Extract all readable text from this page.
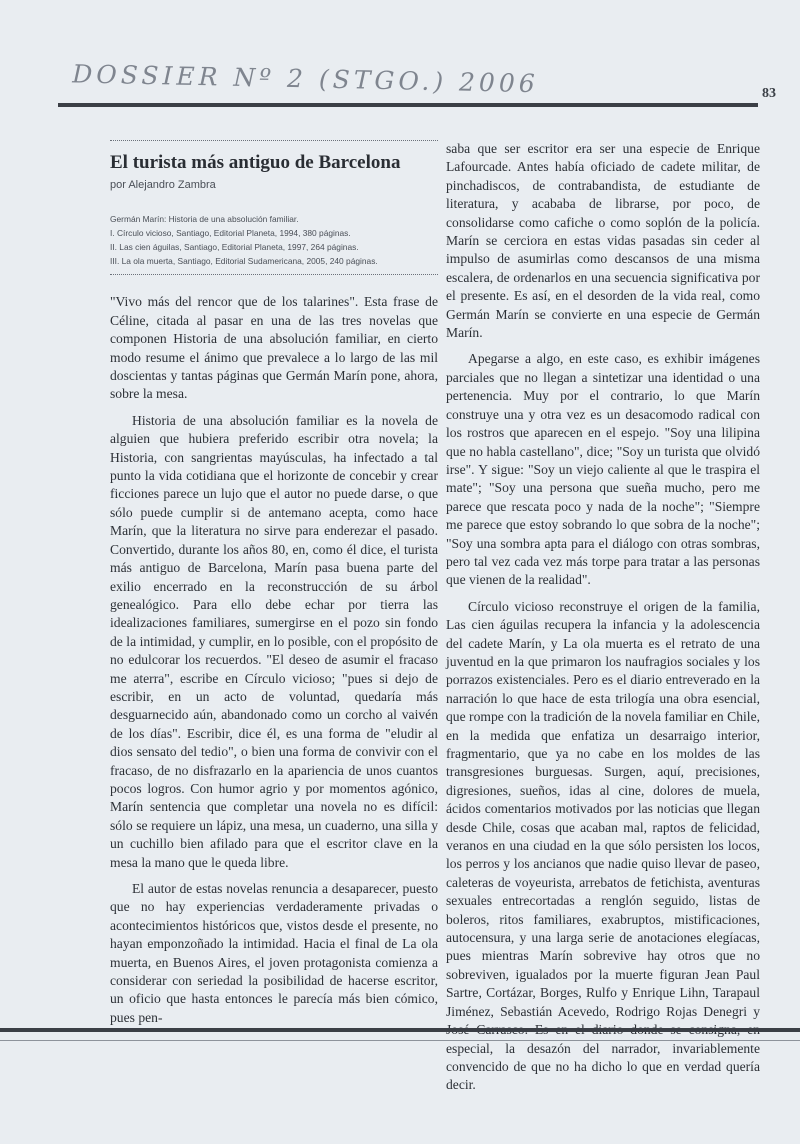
DOSSIER Nº 2 (STGO.) 2006	83
El turista más antiguo de Barcelona
por Alejandro Zambra
Germán Marín: Historia de una absolución familiar.
I. Círculo vicioso, Santiago, Editorial Planeta, 1994, 380 páginas.
II. Las cien águilas, Santiago, Editorial Planeta, 1997, 264 páginas.
III. La ola muerta, Santiago, Editorial Sudamericana, 2005, 240 páginas.

"Vivo más del rencor que de los talarines". Esta frase de Céline, citada al pasar en una de las tres novelas que componen Historia de una absolución familiar, en cierto modo resume el ánimo que prevalece a lo largo de las mil doscientas y tantas páginas que Germán Marín pone, ahora, sobre la mesa.

Historia de una absolución familiar es la novela de alguien que hubiera preferido escribir otra novela; la Historia, con sangrientas mayúsculas, ha infectado a tal punto la vida cotidiana que el horizonte de concebir y crear ficciones parece un lujo que el autor no puede darse, o que sólo puede cumplir si de antemano acepta, como hace Marín, que la literatura no sirve para enderezar el pasado. Convertido, durante los años 80, en, como él dice, el turista más antiguo de Barcelona, Marín pasa buena parte del exilio encerrado en la reconstrucción de su árbol genealógico. Para ello debe echar por tierra las idealizaciones familiares, sumergirse en el pozo sin fondo de la intimidad, y cumplir, en lo posible, con el propósito de no edulcorar los recuerdos. "El deseo de asumir el fracaso me aterra", escribe en Círculo vicioso; "pues si dejo de escribir, en un acto de voluntad, quedaría más desguarnecido aún, abandonado como un corcho al vaivén de los días". Escribir, dice él, es una forma de "eludir al dios sensato del tedio", o bien una forma de convivir con el fracaso, de no disfrazarlo en la apariencia de unos cuantos pocos logros. Con humor agrio y por momentos agónico, Marín sentencia que completar una novela no es difícil: sólo se requiere un lápiz, una mesa, un cuaderno, una silla y un cuchillo bien afilado para que el escritor clave en la mesa la mano que le queda libre.

El autor de estas novelas renuncia a desaparecer, puesto que no hay experiencias verdaderamente privadas o acontecimientos históricos que, vistos desde el presente, no hayan emponzoñado la intimidad. Hacia el final de La ola muerta, en Buenos Aires, el joven protagonista comienza a considerar con seriedad la posibilidad de hacerse escritor, un oficio que hasta entonces le parecía más bien cómico, pues pen-

saba que ser escritor era ser una especie de Enrique Lafourcade. Antes había oficiado de cadete militar, de pinchadiscos, de contrabandista, de estudiante de literatura, y acababa de librarse, por poco, de consolidarse como cafiche o como soplón de la policía. Marín se cerciora en estas vidas pasadas sin ceder al impulso de asumirlas como descansos de una misma escalera, de ordenarlos en una secuencia significativa por el presente. Es así, en el desorden de la vida real, como Germán Marín se convierte en una especie de Germán Marín.

Apegarse a algo, en este caso, es exhibir imágenes parciales que no llegan a sintetizar una identidad o una pertenencia. Muy por el contrario, lo que Marín construye una y otra vez es un desacomodo radical con los rostros que aparecen en el espejo. "Soy una lilipina que no habla castellano", dice; "Soy un turista que olvidó irse". Y sigue: "Soy un viejo caliente al que le traspira el mate"; "Soy una persona que sueña mucho, pero me parece que rescata poco y nada de la noche"; "Siempre me parece que estoy sobrando lo que sobra de la noche"; "Soy una sombra apta para el diálogo con otras sombras, pero tal vez cada vez más torpe para tratar a las personas que vienen de la realidad".

Círculo vicioso reconstruye el origen de la familia, Las cien águilas recupera la infancia y la adolescencia del cadete Marín, y La ola muerta es el retrato de una juventud en la que primaron los naufragios sociales y los porrazos existenciales. Pero es el diario entreverado en la narración lo que hace de esta trilogía una obra esencial, que rompe con la tradición de la novela familiar en Chile, en la medida que enfatiza un desarraigo interior, fragmentario, que ya no cabe en los moldes de las transgresiones burguesas. Surgen, aquí, precisiones, digresiones, sueños, idas al cine, dolores de muela, ácidos comentarios motivados por las noticias que llegan desde Chile, cosas que acaban mal, raptos de felicidad, veranos en una ciudad en la que sólo persisten los locos, los perros y los ancianos que nadie quiso llevar de paseo, caleteras de voyeurista, arrebatos de fetichista, aventuras sexuales entrecortadas a renglón seguido, listas de boleros, ritos familiares, exabruptos, mistificaciones, autocensura, y una larga serie de anotaciones elegíacas, pues mientras Marín sobrevive hay otros que no sobreviven, igualados por la muerte figuran Jean Paul Sartre, Cortázar, Borges, Rulfo y Enrique Lihn, Tarapaul Jiménez, Sebastián Acevedo, Rodrigo Rojas Denegri y especial, la desazón del narrador, invariablemente convencido de que no ha dicho lo que en verdad quería decir.
